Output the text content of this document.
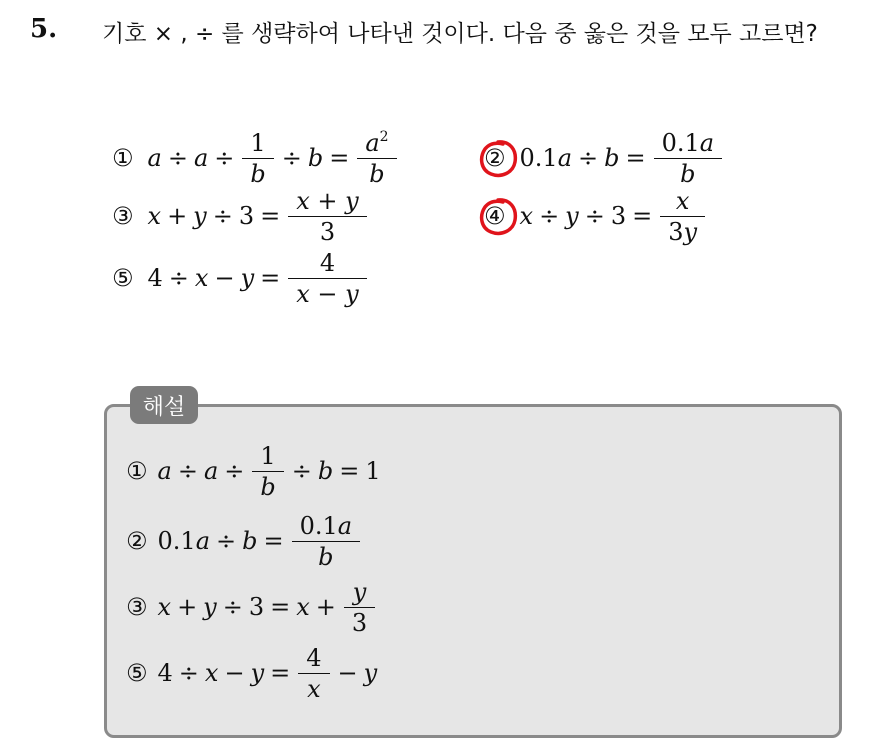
5. 기호 × , ÷ 를 생략하여 나타낸 것이다. 다음 중 옳은 것을 모두 고르면?
① $a \div a \div \frac{1}{b} \div b = \frac{a^2}{b}$	② 0.1 $a \div b = \frac{0.1a}{b}$
③ $x + y \div 3 = \frac{x + y}{3}$	④ $x \div y \div 3 = \frac{x}{3y}$
⑤ $4 \div x - y = \frac{4}{x - y}$
해설
① $a \div a \div \frac{1}{b} \div b = 1$
② 0.1 $a \div b = \frac{0.1a}{b}$
③ $x + y \div 3 = x + \frac{y}{3}$
⑤ $4 \div x - y = \frac{4}{x} - y$
